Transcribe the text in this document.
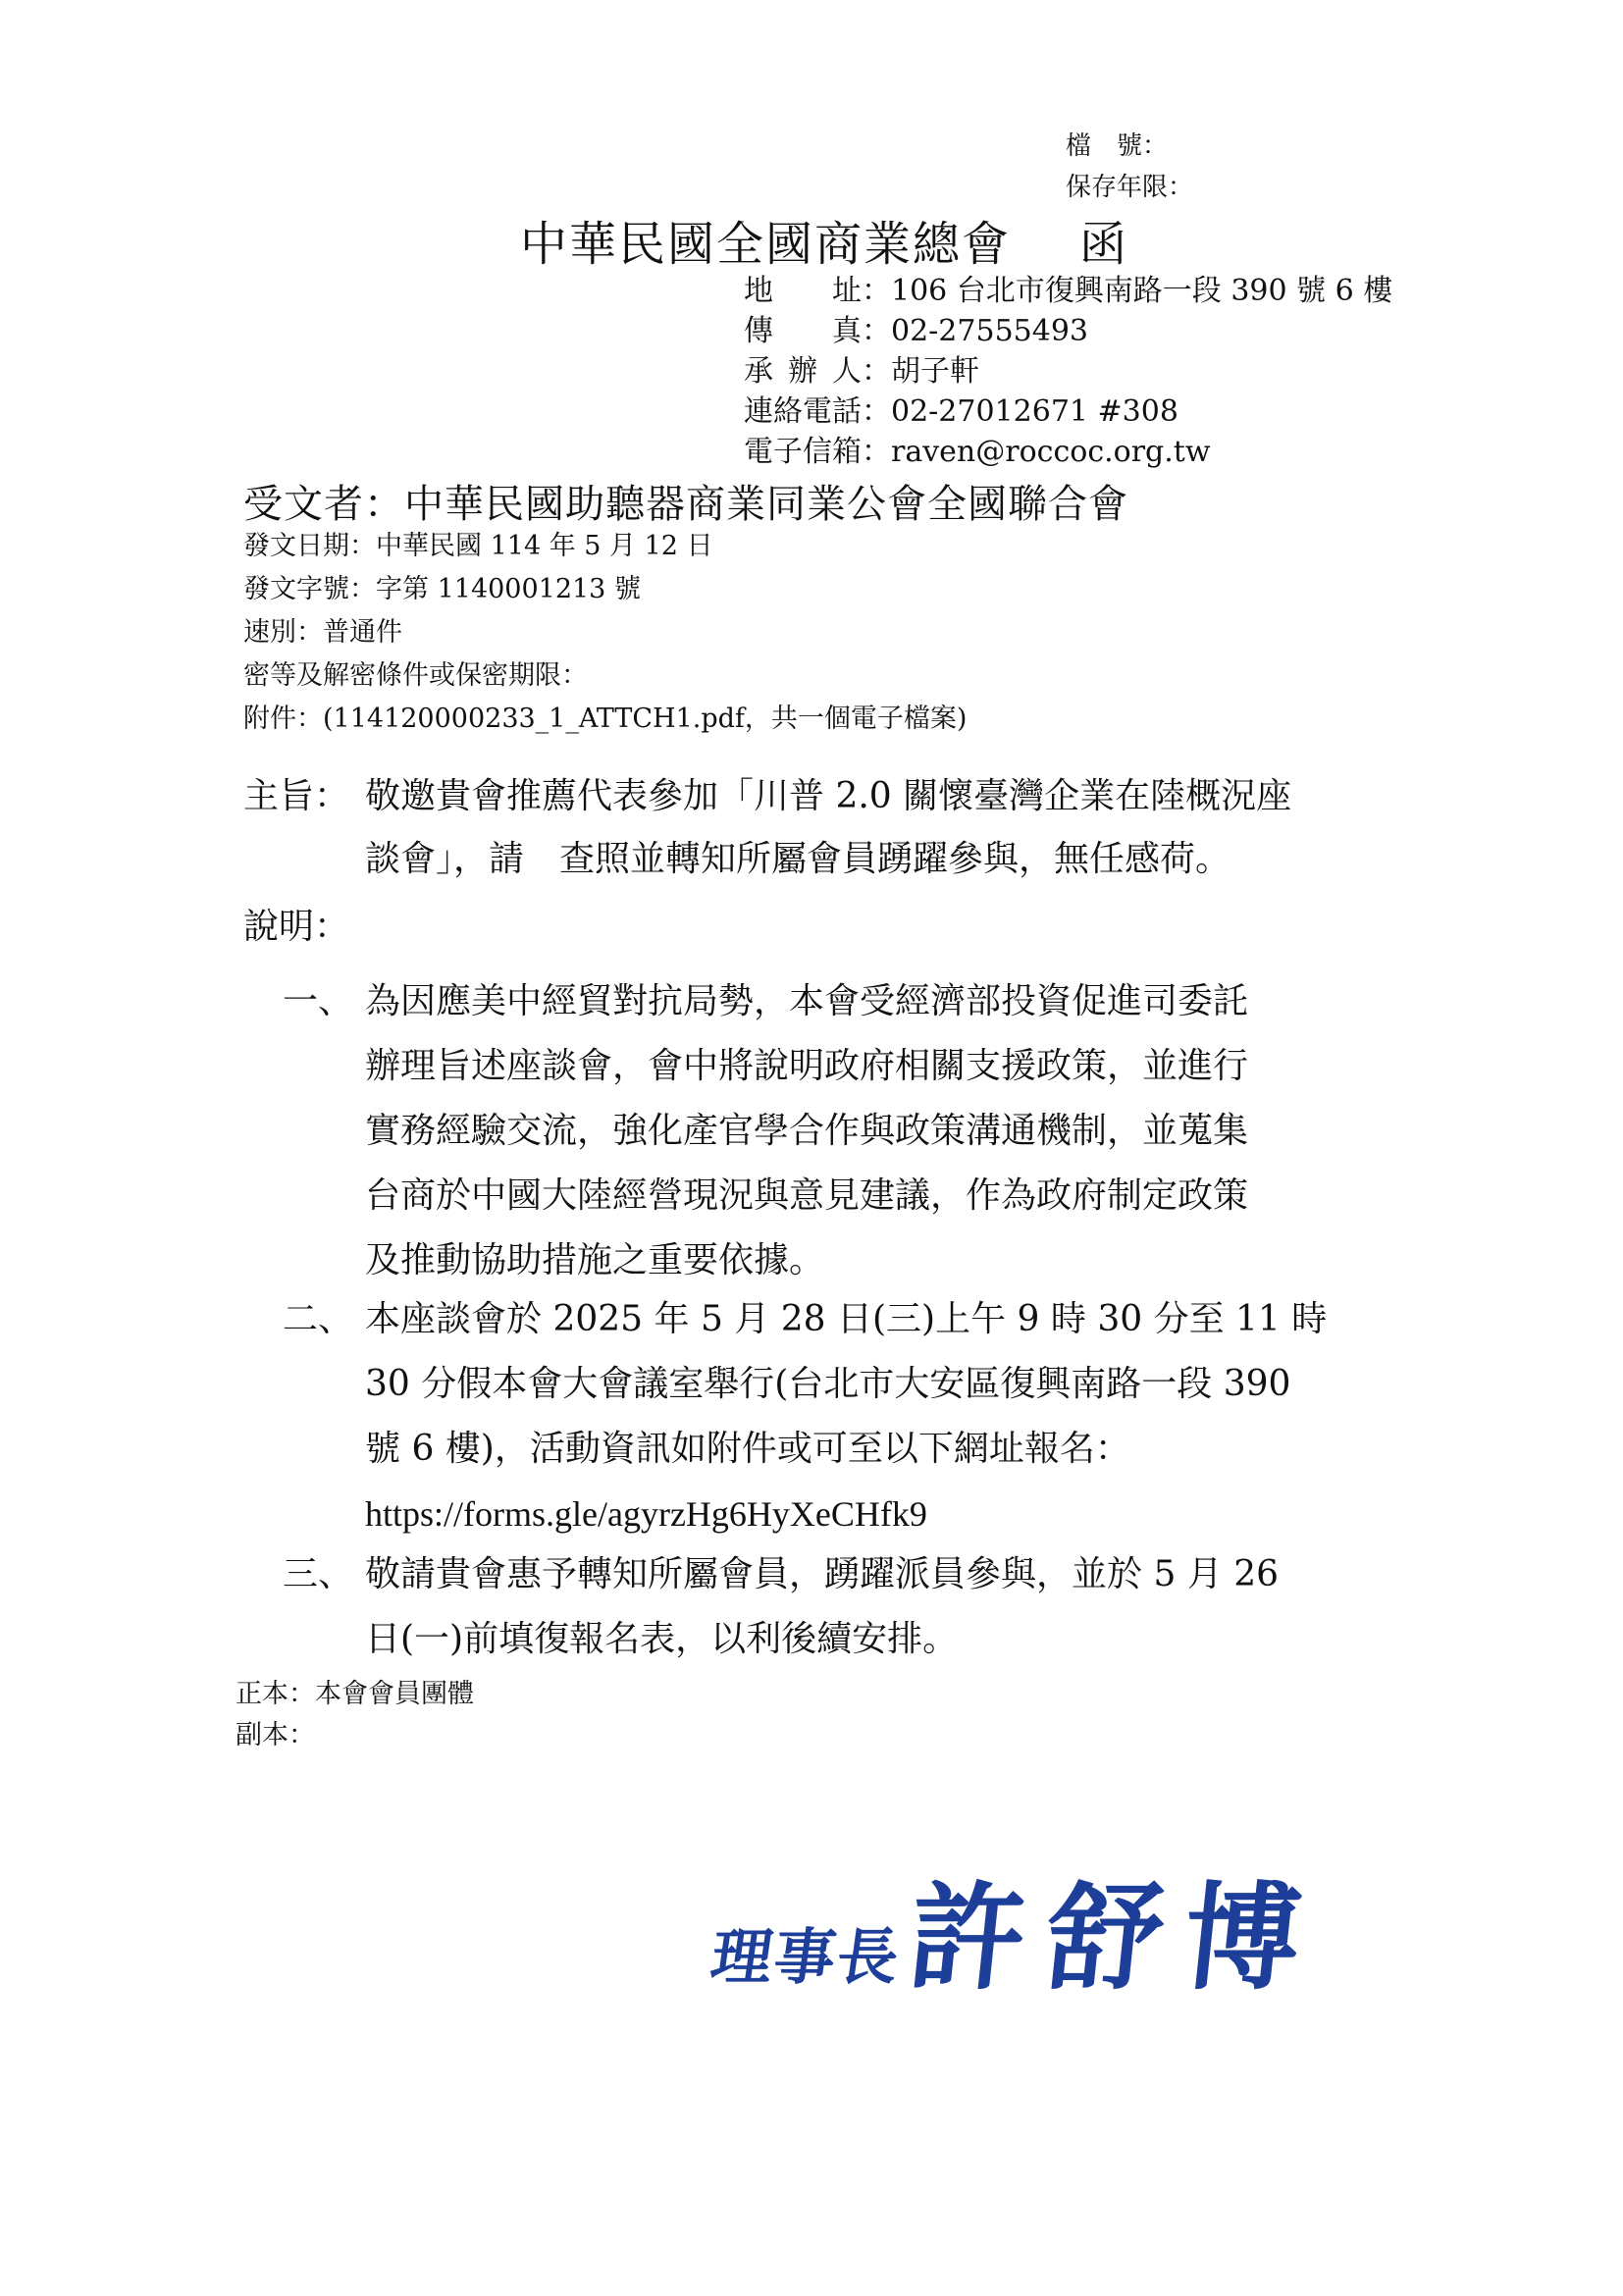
檔　號：
保存年限：
中華民國全國商業總會 函
地　址 ：106 台北市復興南路一段 390 號 6 樓
傳　真 ：02-27555493
承 辦 人 ：胡子軒
連絡電話 ：02-27012671 #308
電子信箱 ：raven@roccoc.org.tw
受文者：中華民國助聽器商業同業公會全國聯合會
發文日期：中華民國 114 年 5 月 12 日
發文字號：字第 1140001213 號
速別：普通件
密等及解密條件或保密期限：
附件：(114120000233_1_ATTCH1.pdf，共一個電子檔案)
主旨： 敬邀貴會推薦代表參加「川普 2.0 關懷臺灣企業在陸概況座
談會」，請　查照並轉知所屬會員踴躍參與，無任感荷。
說明：
一、 為因應美中經貿對抗局勢，本會受經濟部投資促進司委託
辦理旨述座談會，會中將說明政府相關支援政策，並進行
實務經驗交流，強化產官學合作與政策溝通機制，並蒐集
台商於中國大陸經營現況與意見建議，作為政府制定政策
及推動協助措施之重要依據。
二、 本座談會於 2025 年 5 月 28 日(三)上午 9 時 30 分至 11 時
30 分假本會大會議室舉行(台北市大安區復興南路一段 390
號 6 樓)，活動資訊如附件或可至以下網址報名：
https://forms.gle/agyrzHg6HyXeCHfk9
三、 敬請貴會惠予轉知所屬會員，踴躍派員參與，並於 5 月 26
日(一)前填復報名表，以利後續安排。
正本：本會會員團體
副本：
理事長許舒博
